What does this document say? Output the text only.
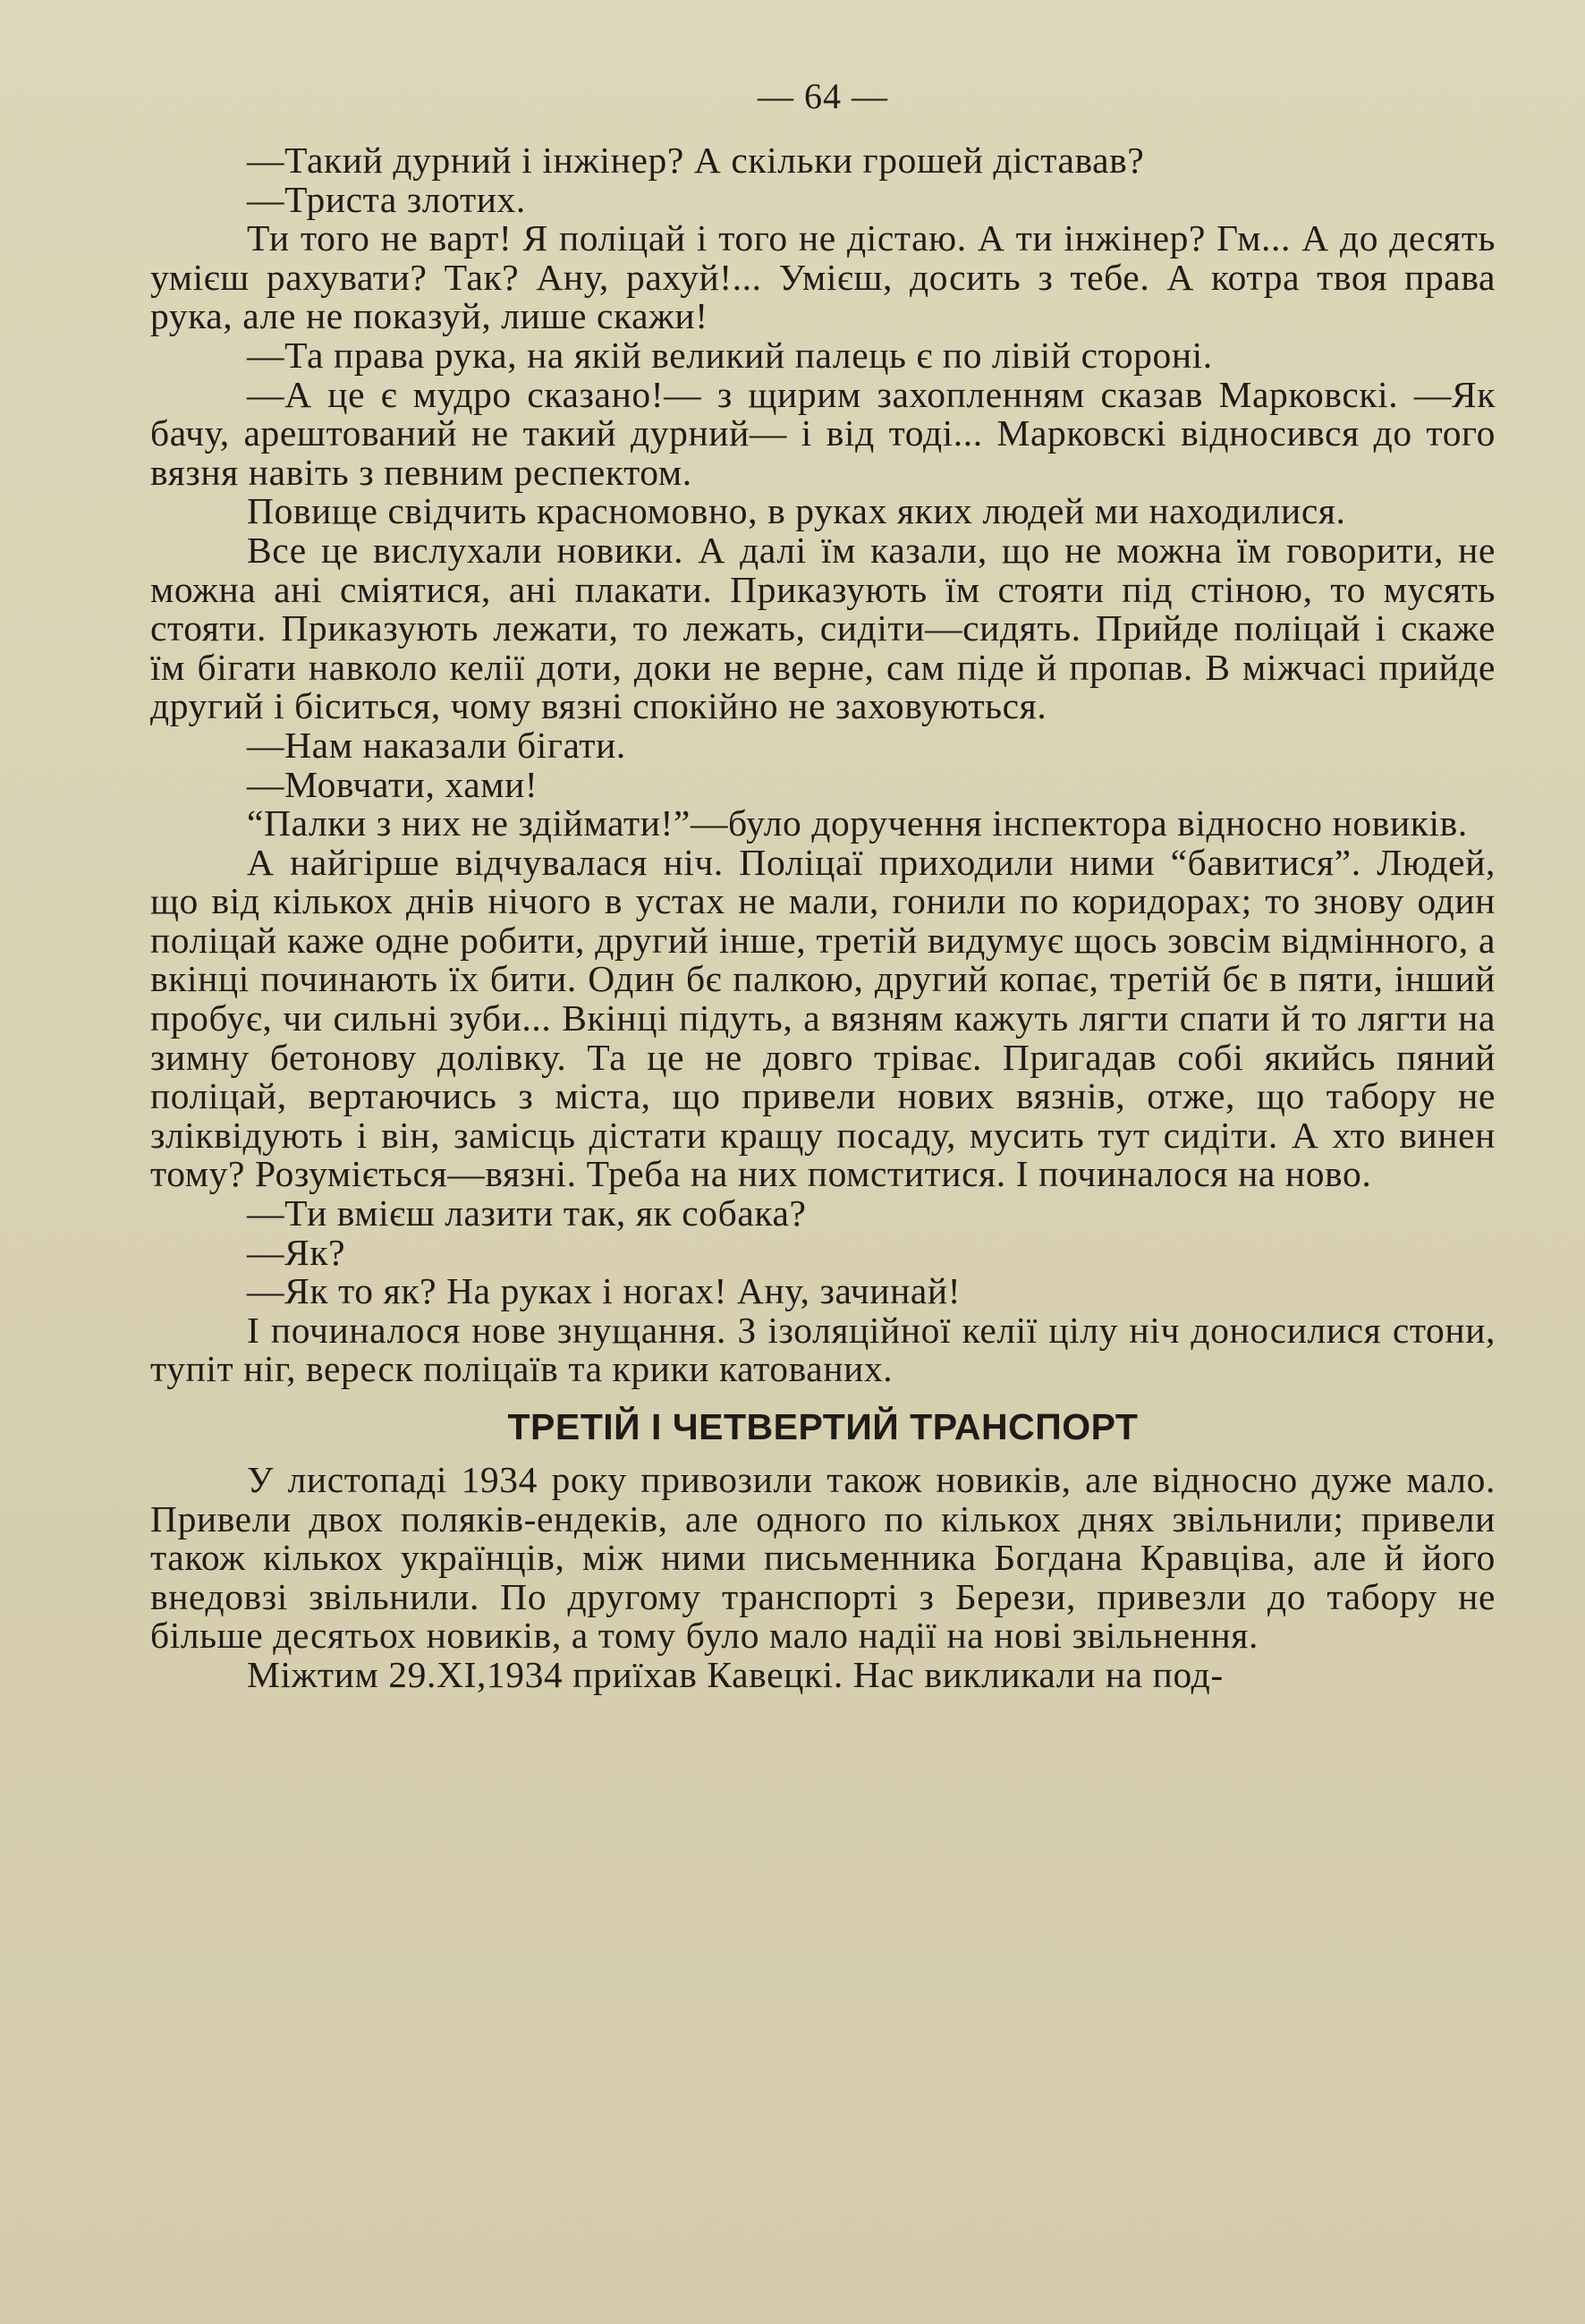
— 64 —

—Такий дурний і інжінер? А скільки грошей діставав?

—Триста злотих.

Ти того не варт! Я поліцай і того не дістаю. А ти інжінер? Гм... А до десять умієш рахувати? Так? Ану, рахуй!... Умієш, досить з тебе. А котра твоя права рука, але не показуй, лише скажи!

—Та права рука, на якій великий палець є по лівій стороні.

—А це є мудро сказано!— з щирим захопленням сказав Марковскі. —Як бачу, арештований не такий дурний— і від тоді... Марковскі відносився до того вязня навіть з певним респектом.

Повище свідчить красномовно, в руках яких людей ми находилися.

Все це вислухали новики. А далі їм казали, що не можна їм говорити, не можна ані сміятися, ані плакати. Приказують їм стояти під стіною, то мусять стояти. Приказують лежати, то лежать, сидіти—сидять. Прийде поліцай і скаже їм бігати навколо келії доти, доки не верне, сам піде й пропав. В міжчасі прийде другий і біситься, чому вязні спокійно не заховуються.

—Нам наказали бігати.

—Мовчати, хами!

“Палки з них не здіймати!”—було доручення інспектора відносно новиків.

А найгірше відчувалася ніч. Поліцаї приходили ними “бавитися”. Людей, що від кількох днів нічого в устах не мали, гонили по коридорах; то знову один поліцай каже одне робити, другий інше, третій видумує щось зовсім відмінного, а вкінці починають їх бити. Один бє палкою, другий копає, третій бє в пяти, інший пробує, чи сильні зуби... Вкінці підуть, а вязням кажуть лягти спати й то лягти на зимну бетонову долівку. Та це не довго тріває. Пригадав собі якийсь пяний поліцай, вертаючись з міста, що привели нових вязнів, отже, що табору не зліквідують і він, замісць дістати кращу посаду, мусить тут сидіти. А хто винен тому? Розуміється—вязні. Треба на них помститися. І починалося на ново.

—Ти вмієш лазити так, як собака?

—Як?

—Як то як? На руках і ногах! Ану, зачинай!

І починалося нове знущання. З ізоляційної келії цілу ніч доносилися стони, тупіт ніг, вереск поліцаїв та крики катованих.

ТРЕТІЙ І ЧЕТВЕРТИЙ ТРАНСПОРТ

У листопаді 1934 року привозили також новиків, але відносно дуже мало. Привели двох поляків-ендеків, але одного по кількох днях звільнили; привели також кількох українців, між ними письменника Богдана Кравціва, але й його внедовзі звільнили. По другому транспорті з Берези, привезли до табору не більше десятьох новиків, а тому було мало надії на нові звільнення.

Міжтим 29.XI,1934 приїхав Кавецкі. Нас викликали на под-
